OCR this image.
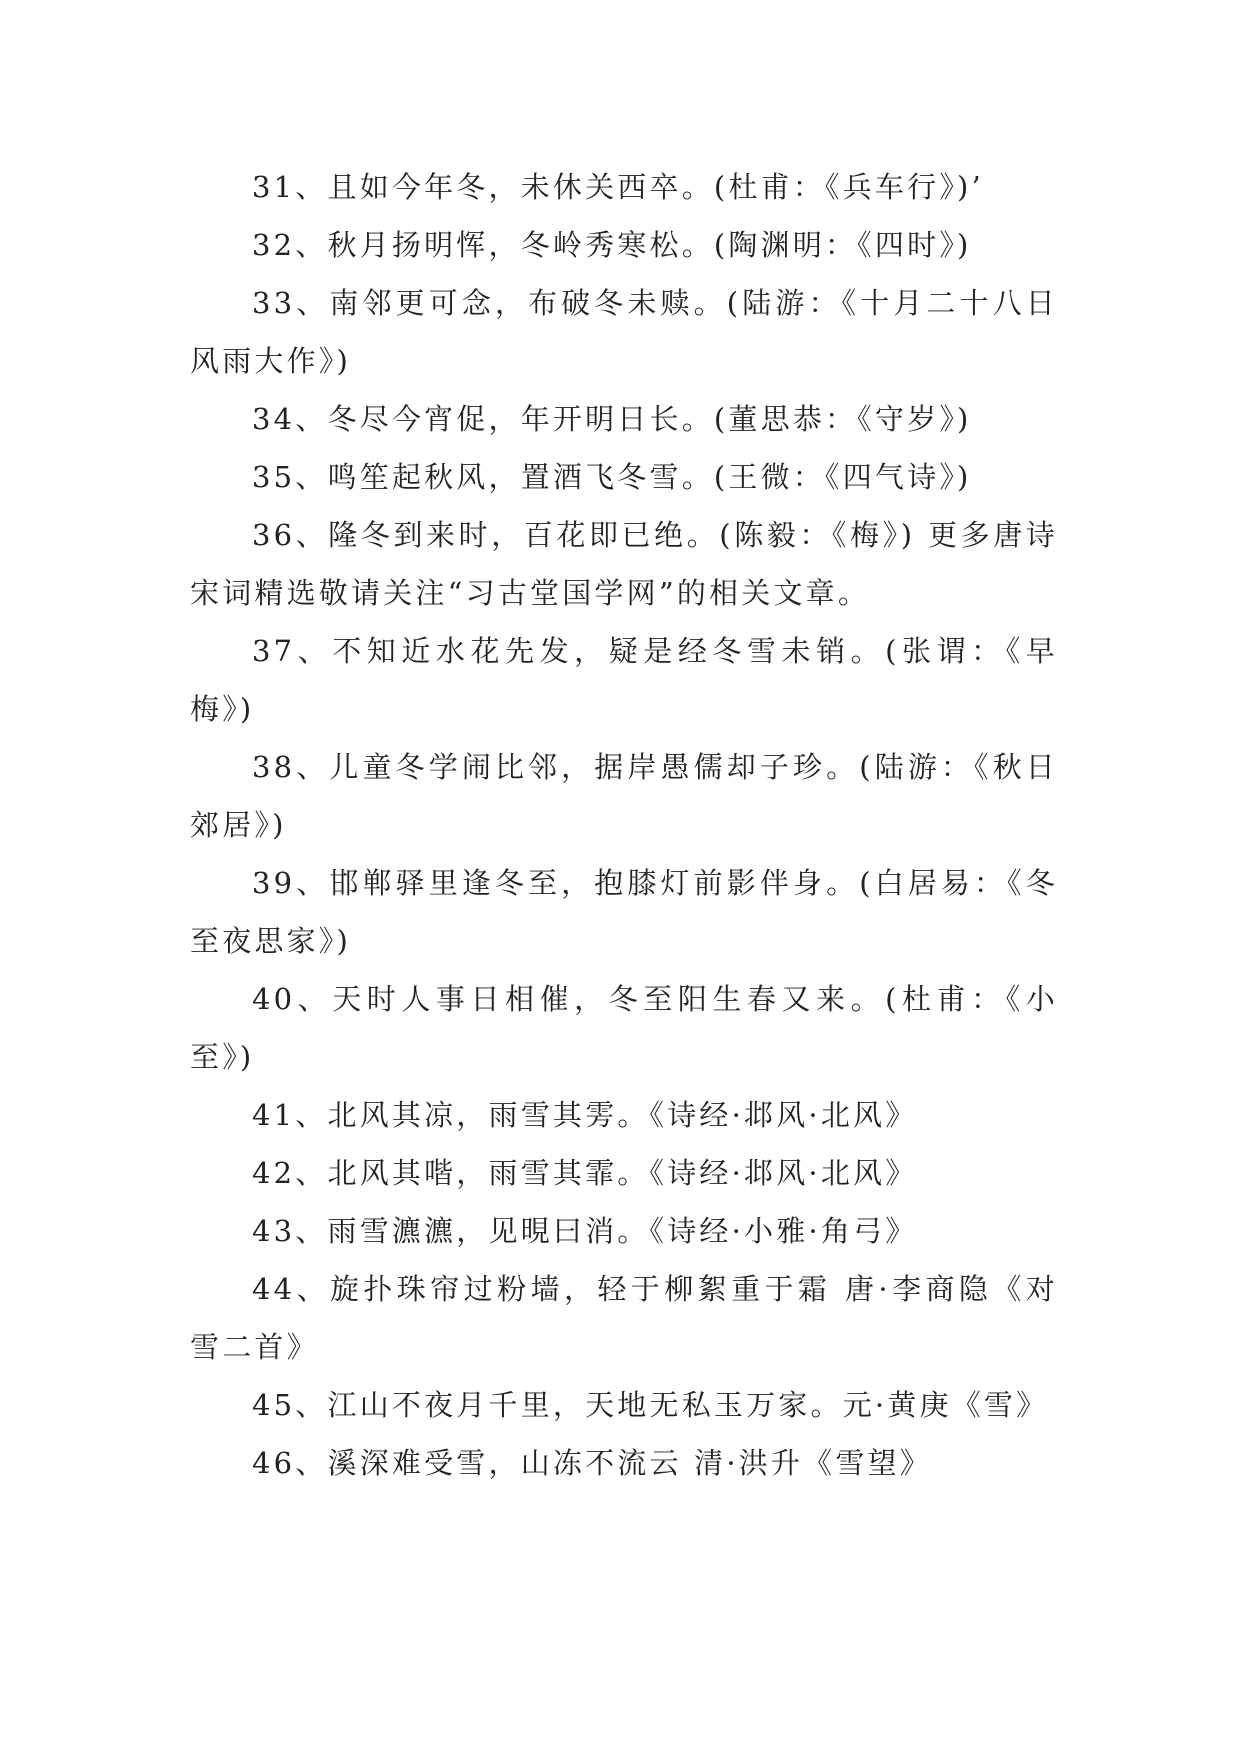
31、且如今年冬，未休关西卒。(杜甫：《兵车行》)’

32、秋月扬明恽，冬岭秀寒松。(陶渊明：《四时》)

33、南邻更可念，布破冬未赎。(陆游：《十月二十八日风雨大作》)

34、冬尽今宵促，年开明日长。(董思恭：《守岁》)

35、鸣笙起秋风，置酒飞冬雪。(王微：《四气诗》)

36、隆冬到来时，百花即已绝。(陈毅：《梅》) 更多唐诗宋词精选敬请关注“习古堂国学网”的相关文章。

37、不知近水花先发，疑是经冬雪未销。(张谓：《早梅》)

38、儿童冬学闹比邻，据岸愚儒却子珍。(陆游：《秋日郊居》)

39、邯郸驿里逢冬至，抱膝灯前影伴身。(白居易：《冬至夜思家》)

40、天时人事日相催，冬至阳生春又来。(杜甫：《小至》)

41、北风其凉，雨雪其雱。《诗经·邶风·北风》

42、北风其喈，雨雪其霏。《诗经·邶风·北风》

43、雨雪瀌瀌，见晛曰消。《诗经·小雅·角弓》

44、旋扑珠帘过粉墙，轻于柳絮重于霜 唐·李商隐《对雪二首》

45、江山不夜月千里，天地无私玉万家。元·黄庚《雪》

46、溪深难受雪，山冻不流云 清·洪升《雪望》
